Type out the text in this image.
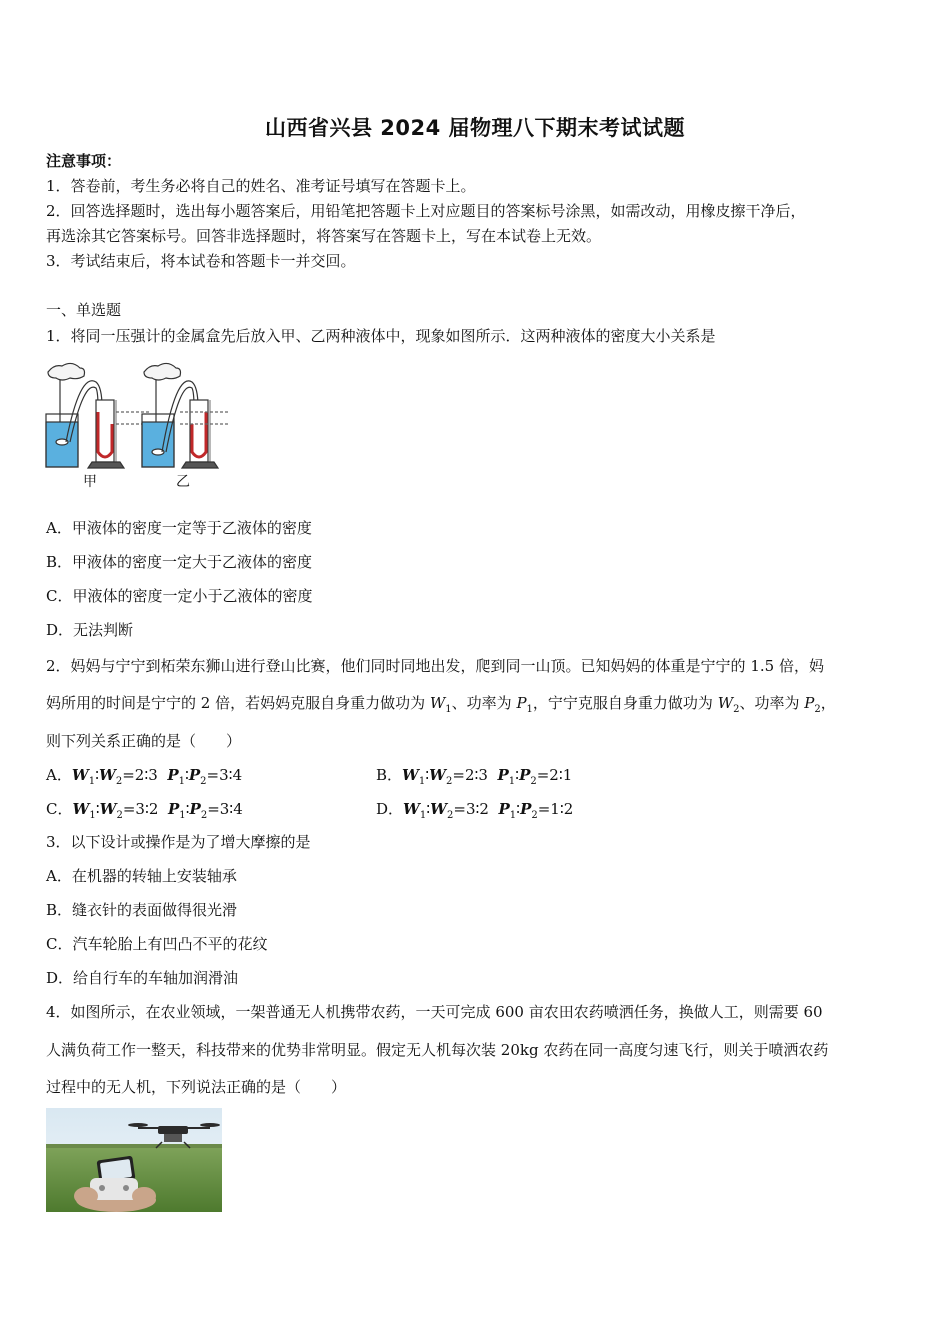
山西省兴县 2024 届物理八下期末考试试题
注意事项：
1．答卷前，考生务必将自己的姓名、准考证号填写在答题卡上。
2．回答选择题时，选出每小题答案后，用铅笔把答题卡上对应题目的答案标号涂黑，如需改动，用橡皮擦干净后，
再选涂其它答案标号。回答非选择题时，将答案写在答题卡上，写在本试卷上无效。
3．考试结束后，将本试卷和答题卡一并交回。
一、单选题
1．将同一压强计的金属盒先后放入甲、乙两种液体中，现象如图所示．这两种液体的密度大小关系是
甲	乙
A．甲液体的密度一定等于乙液体的密度
B．甲液体的密度一定大于乙液体的密度
C．甲液体的密度一定小于乙液体的密度
D．无法判断
2．妈妈与宁宁到柘荣东狮山进行登山比赛，他们同时同地出发，爬到同一山顶。已知妈妈的体重是宁宁的 1.5 倍，妈
妈所用的时间是宁宁的 2 倍，若妈妈克服自身重力做功为 $W_1$、功率为 $P_1$，宁宁克服自身重力做功为 $W_2$、功率为 $P_2$，
则下列关系正确的是（　　）
A．$W_1∶W_2=2∶3$ $P_1∶P_2=3∶4$	B．$W_1∶W_2=2∶3$ $P_1∶P_2=2∶1$
C．$W_1∶W_2=3∶2$ $P_1∶P_2=3∶4$	D．$W_1∶W_2=3∶2$ $P_1∶P_2=1∶2$
3．以下设计或操作是为了增大摩擦的是
A．在机器的转轴上安装轴承
B．缝衣针的表面做得很光滑
C．汽车轮胎上有凹凸不平的花纹
D．给自行车的车轴加润滑油
4．如图所示，在农业领域，一架普通无人机携带农药，一天可完成 600 亩农田农药喷洒任务，换做人工，则需要 60
人满负荷工作一整天，科技带来的优势非常明显。假定无人机每次装 20kg 农药在同一高度匀速飞行，则关于喷洒农药
过程中的无人机，下列说法正确的是（　　）
